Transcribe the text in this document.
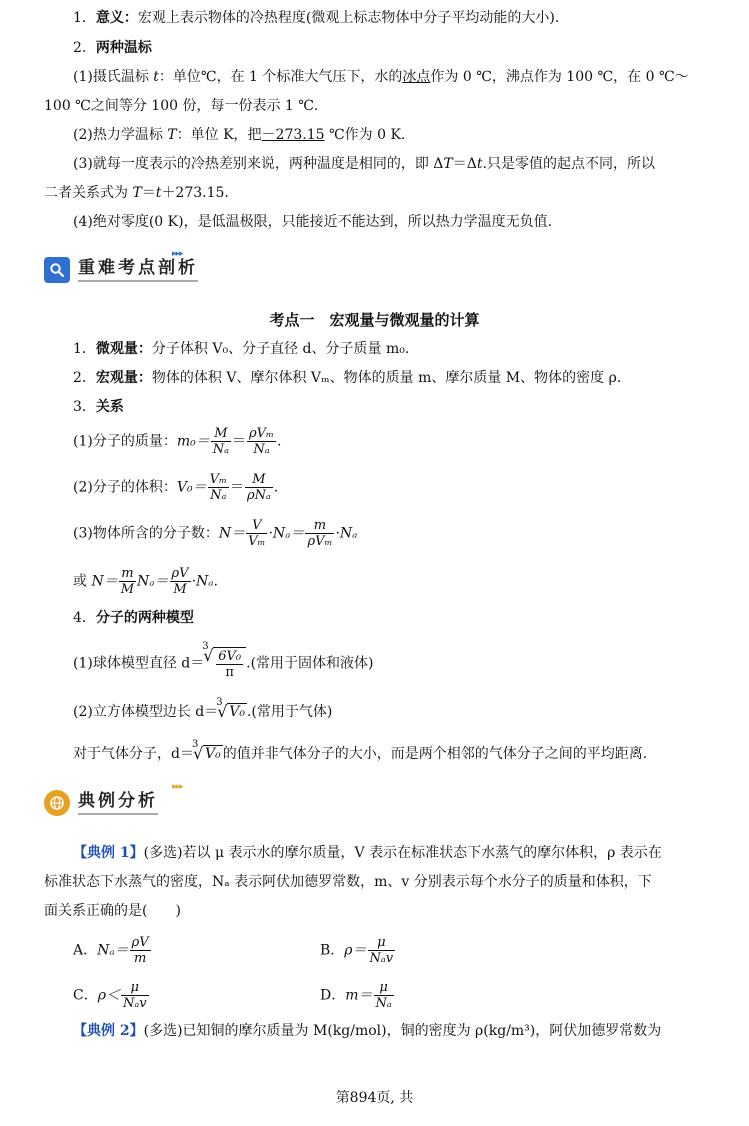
1．意义：宏观上表示物体的冷热程度(微观上标志物体中分子平均动能的大小).
2．两种温标
(1)摄氏温标 t：单位℃，在 1 个标准大气压下，水的冰点作为 0 ℃，沸点作为 100 ℃，在 0 ℃～
100 ℃之间等分 100 份，每一份表示 1 ℃.
(2)热力学温标 T：单位 K，把－273.15 ℃作为 0 K.
(3)就每一度表示的冷热差别来说，两种温度是相同的，即 ΔT＝Δt.只是零值的起点不同，所以
二者关系式为 T＝t＋273.15.
(4)绝对零度(0 K)，是低温极限，只能接近不能达到，所以热力学温度无负值.
重难考点剖析
▸▸▸
考点一　宏观量与微观量的计算
1．微观量：分子体积 V₀、分子直径 d、分子质量 m₀.
2．宏观量：物体的体积 V、摩尔体积 Vₘ、物体的质量 m、摩尔质量 M、物体的密度 ρ.
3．关系
(1)分子的质量：$m_0= \frac{M}{\text{Nₐ}} = \frac{\text{ρVₘ}}{\text{Nₐ}}$ .
(2)分子的体积：$V_0= \frac{\text{Vₘ}}{\text{Nₐ}} = \frac{M}{\text{ρNₐ}}$ .
(3)物体所含的分子数：$N= \frac{V}{\text{Vₘ}} \cdot N_a= \frac{m}{\text{ρVₘ}} \cdot N_a$
或 $N= \frac{m}{M} N_a= \frac{\rho V}{M} \cdot N_a$.
4．分子的两种模型
(1)球体模型直径 d＝
3
√ $\frac{\text{6V₀}}{\pi}$ .(常用于固体和液体)
(2)立方体模型边长 d＝
3
√ V₀ .(常用于气体)
对于气体分子，d＝
3
√ V₀ 的值并非气体分子的大小，而是两个相邻的气体分子之间的平均距离.
典例分析
▸▸▸
【典例 1】(多选)若以 μ 表示水的摩尔质量，V 表示在标准状态下水蒸气的摩尔体积，ρ 表示在
标准状态下水蒸气的密度，Nₐ 表示阿伏加德罗常数，m、v 分别表示每个水分子的质量和体积，下
面关系正确的是(　　)
A．$N_a= \frac{\rho V}{m}$	B．$\rho= \frac{\mu}{\text{Nₐv}}$
C．$\rho< \frac{\mu}{\text{Nₐv}}$	D．$m= \frac{\mu}{\text{Nₐ}}$
【典例 2】(多选)已知铜的摩尔质量为 M(kg/mol)，铜的密度为 ρ(kg/m³)，阿伏加德罗常数为
第894页, 共
